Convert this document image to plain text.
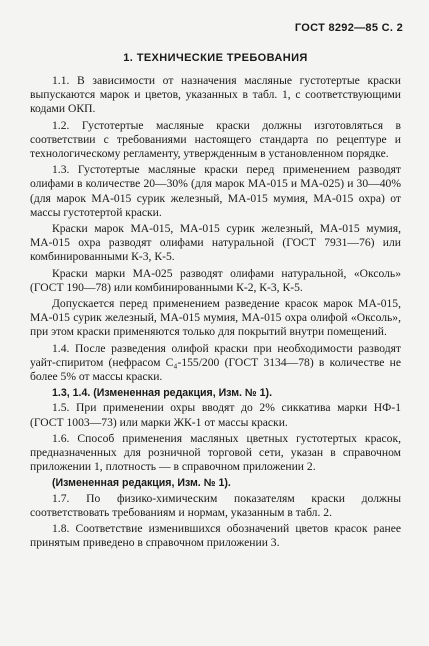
ГОСТ 8292—85 С. 2
1. ТЕХНИЧЕСКИЕ ТРЕБОВАНИЯ

1.1. В зависимости от назначения масляные густотертые краски выпускаются марок и цветов, указанных в табл. 1, с соответствующими кодами ОКП.

1.2. Густотертые масляные краски должны изготовляться в соответствии с требованиями настоящего стандарта по рецептуре и технологическому регламенту, утвержденным в установленном порядке.

1.3. Густотертые масляные краски перед применением разводят олифами в количестве 20—30% (для марок МА-015 и МА-025) и 30—40% (для марок МА-015 сурик железный, МА-015 мумия, МА-015 охра) от массы густотертой краски.

Краски марок МА-015, МА-015 сурик железный, МА-015 мумия, МА-015 охра разводят олифами натуральной (ГОСТ 7931—76) или комбинированными К-3, К-5.

Краски марки МА-025 разводят олифами натуральной, «Оксоль» (ГОСТ 190—78) или комбинированными К-2, К-3, К-5.

Допускается перед применением разведение красок марок МА-015, МА-015 сурик железный, МА-015 мумия, МА-015 охра олифой «Оксоль», при этом краски применяются только для покрытий внутри помещений.

1.4. После разведения олифой краски при необходимости разводят уайт-спиритом (нефрасом С₄-155/200 (ГОСТ 3134—78) в количестве не более 5% от массы краски.

1.3, 1.4. (Измененная редакция, Изм. № 1).

1.5. При применении охры вводят до 2% сиккатива марки НФ-1 (ГОСТ 1003—73) или марки ЖК-1 от массы краски.

1.6. Способ применения масляных цветных густотертых красок, предназначенных для розничной торговой сети, указан в справочном приложении 1, плотность — в справочном приложении 2.

(Измененная редакция, Изм. № 1).

1.7. По физико-химическим показателям краски должны соответствовать требованиям и нормам, указанным в табл. 2.

1.8. Соответствие изменившихся обозначений цветов красок ранее принятым приведено в справочном приложении 3.
